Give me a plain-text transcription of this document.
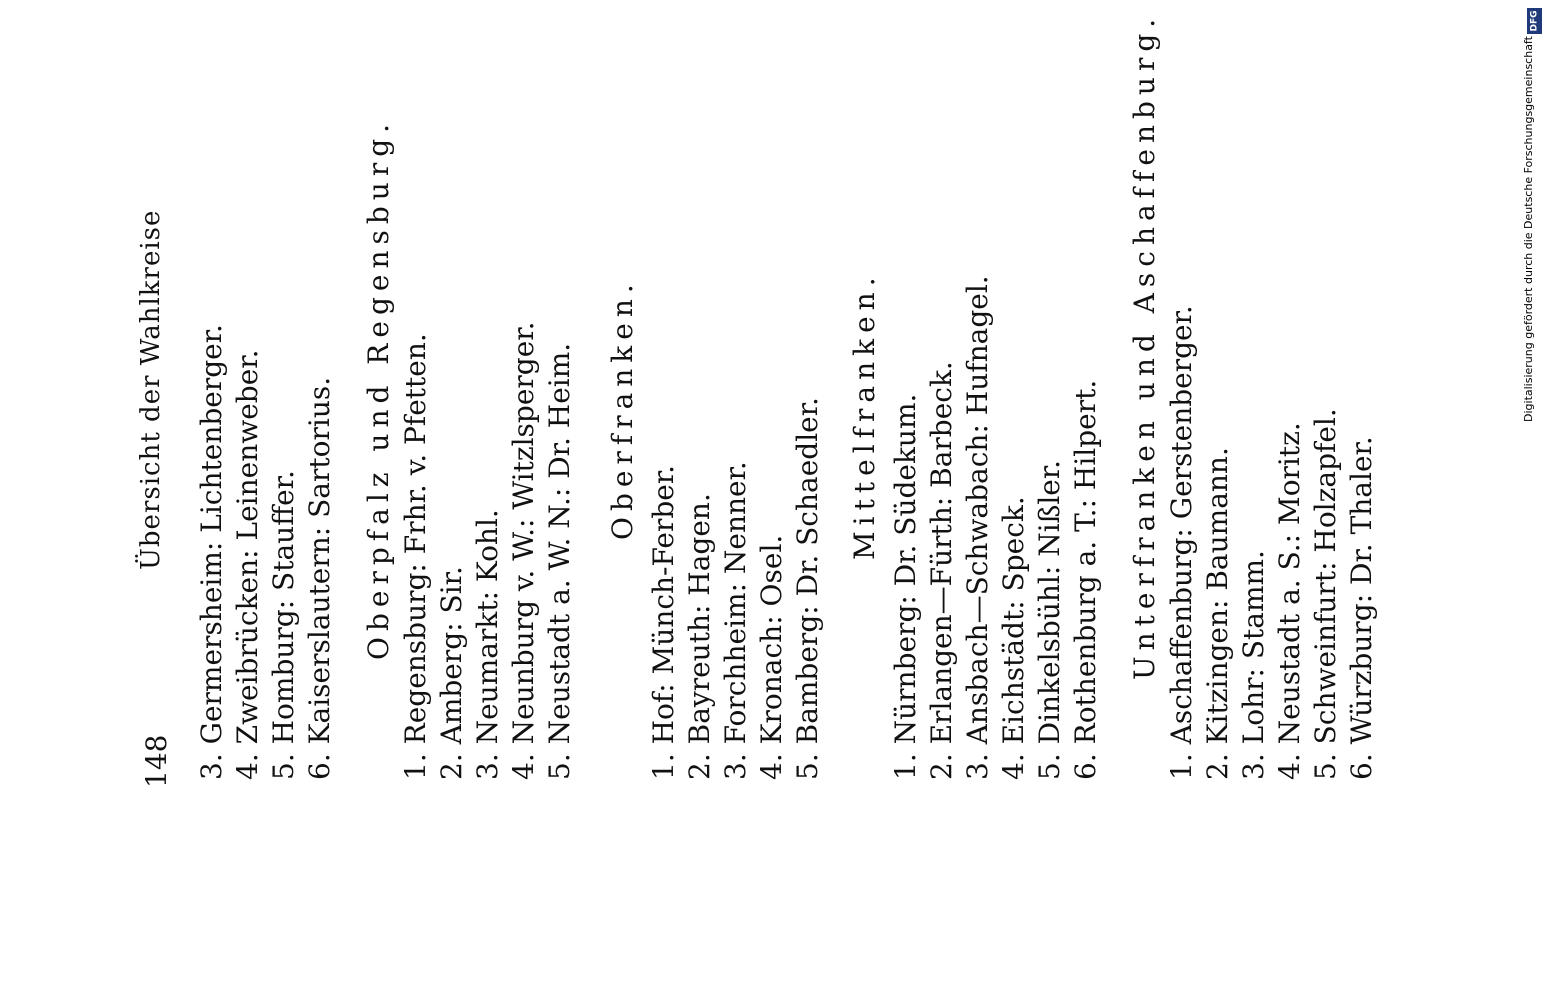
148
Übersicht der Wahlkreise 3. Germersheim: Lichtenberger. 4. Zweibrücken: Leinenweber. 5. Homburg: Stauffer. 6. Kaiserslautern: Sartorius. Oberpfalz und Regensburg. 1. Regensburg: Frhr. v. Pfetten. 2. Amberg: Sir. 3. Neumarkt: Kohl. 4. Neunburg v. W.: Witzlsperger. 5. Neustadt a. W. N.: Dr. Heim. Oberfranken.
1. Hof: Münch-Ferber. 2. Bayreuth: Hagen. 3. Forchheim: Nenner. 4. Kronach: Osel. 5. Bamberg: Dr. Schaedler. Mittelfranken. 1. Nürnberg: Dr. Südekum. 2. Erlangen—Fürth: Barbeck. 3. Ansbach—Schwabach: Hufnagel. 4. Eichstädt: Speck. 5. Dinkelsbühl: Nißler. 6. Rothenburg a. T.: Hilpert. Unterfranken und Aschaffenburg. 1. Aschaffenburg: Gerstenberger. 2. Kitzingen: Baumann. 3. Lohr: Stamm. 4. Neustadt a. S.: Moritz. 5. Schweinfurt: Holzapfel. 6. Würzburg: Dr. Thaler.
DFG
Digitalisierung gefördert durch die Deutsche Forschungsgemeinschaft
